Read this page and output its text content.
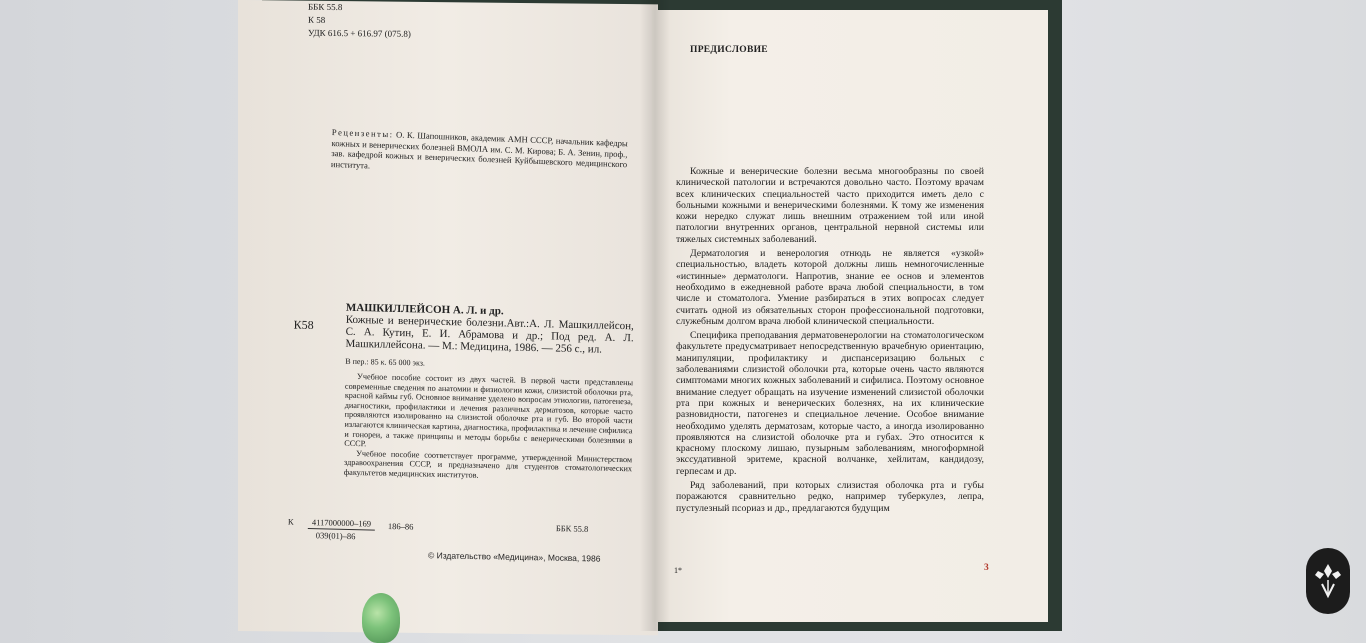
ББК 55.8
К 58
УДК 616.5 + 616.97 (075.8)
Рецензенты: О. К. Шапошников, академик АМН СССР, начальник кафедры кожных и венерических болезней ВМОЛА им. С. М. Кирова; Б. А. Зенин, проф., зав. кафедрой кожных и венерических болезней Куйбышевского медицинского института.
К58
МАШКИЛЛЕЙСОН А. Л. и др.
Кожные и венерические болезни.Авт.:А. Л. Машкиллейсон, С. А. Кутин, Е. И. Абрамова и др.; Под ред. А. Л. Машкиллейсона. — М.: Медицина, 1986. — 256 с., ил.
В пер.: 85 к. 65 000 экз.

Учебное пособие состоит из двух частей. В первой части представлены современные сведения по анатомии и физиологии кожи, слизистой оболочки рта, красной каймы губ. Основное внимание уделено вопросам этиологии, патогенеза, диагностики, профилактики и лечения различных дерматозов, которые часто проявляются изолированно на слизистой оболочке рта и губ. Во второй части излагаются клиническая картина, диагностика, профилактика и лечение сифилиса и гонореи, а также принципы и методы борьбы с венерическими болезнями в СССР.

Учебное пособие соответствует программе, утвержденной Министерством здравоохранения СССР, и предназначено для студентов стоматологических факультетов медицинских институтов.

К	4117000000–169	186–86	ББК 55.8
039(01)–86
© Издательство «Медицина», Москва, 1986
ПРЕДИСЛОВИЕ

Кожные и венерические болезни весьма многообразны по своей клинической патологии и встречаются довольно часто. Поэтому врачам всех клинических специальностей часто приходится иметь дело с больными кожными и венерическими болезнями. К тому же изменения кожи нередко служат лишь внешним отражением той или иной патологии внутренних органов, центральной нервной системы или тяжелых системных заболеваний.

Дерматология и венерология отнюдь не является «узкой» специальностью, владеть которой должны лишь немногочисленные «истинные» дерматологи. Напротив, знание ее основ и элементов необходимо в ежедневной работе врача любой специальности, в том числе и стоматолога. Умение разбираться в этих вопросах следует считать одной из обязательных сторон профессиональной подготовки, служебным долгом врача любой клинической специальности.

Специфика преподавания дерматовенерологии на стоматологическом факультете предусматривает непосредственную врачебную ориентацию, манипуляции, профилактику и диспансеризацию больных с заболеваниями слизистой оболочки рта, которые очень часто являются симптомами многих кожных заболеваний и сифилиса. Поэтому основное внимание следует обращать на изучение изменений слизистой оболочки рта при кожных и венерических болезнях, на их клинические разновидности, патогенез и специальное лечение. Особое внимание необходимо уделять дерматозам, которые часто, а иногда изолированно проявляются на слизистой оболочке рта и губах. Это относится к красному плоскому лишаю, пузырным заболеваниям, многоформной экссудативной эритеме, красной волчанке, хейлитам, кандидозу, герпесам и др.

Ряд заболеваний, при которых слизистая оболочка рта и губы поражаются сравнительно редко, например туберкулез, лепра, пустулезный псориаз и др., предлагаются будущим

1*	3
